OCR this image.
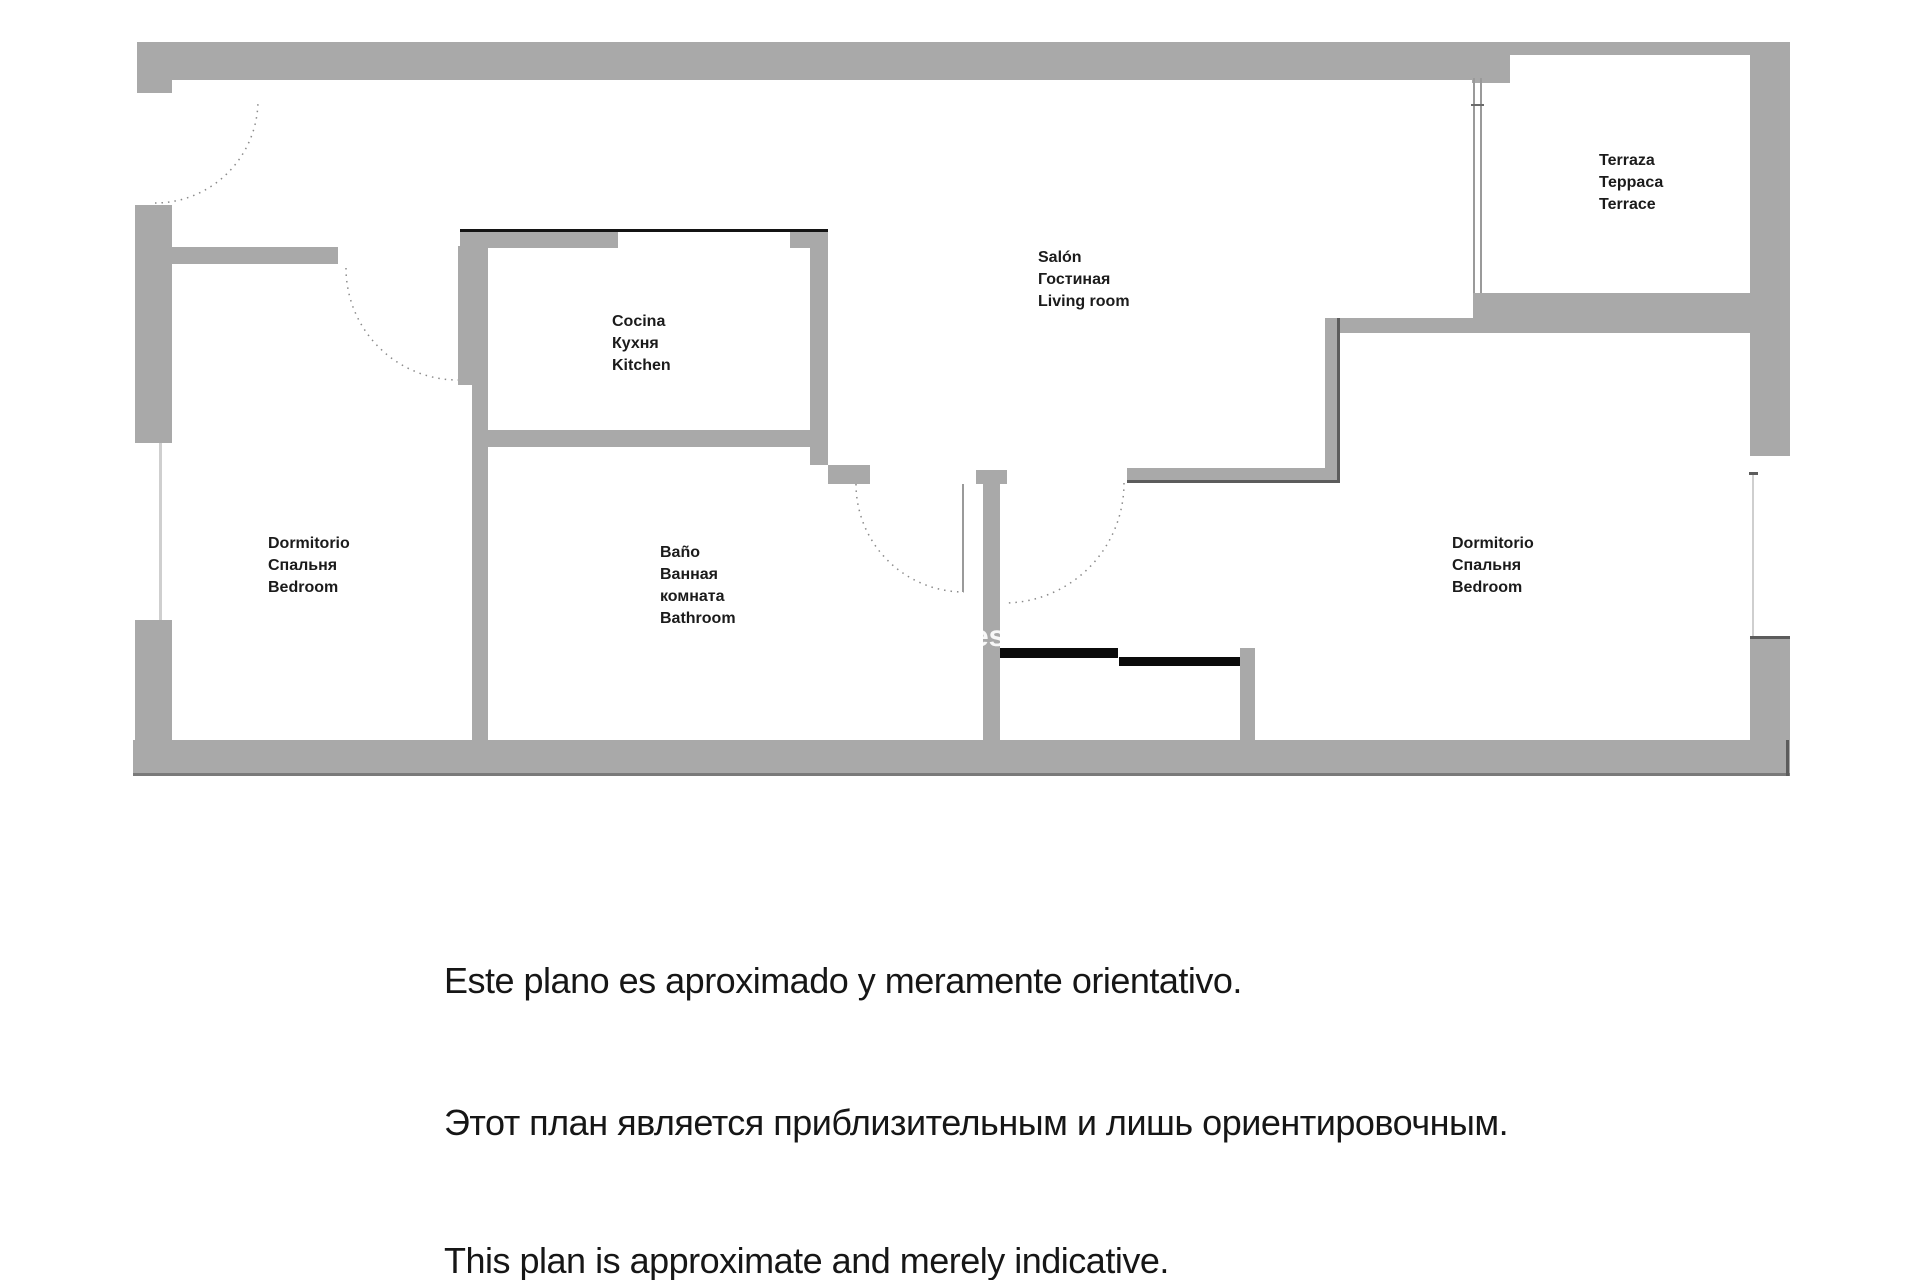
Salón
Гостиная
Living room
Terraza
Терраса
Terrace
Cocina
Кухня
Kitchen
Baño
Ванная
комната
Bathroom
Dormitorio
Спальня
Bedroom
Dormitorio
Спальня
Bedroom
es
Este plano es aproximado y meramente orientativo.
Этот план является приблизительным и лишь ориентировочным.
This plan is approximate and merely indicative.
